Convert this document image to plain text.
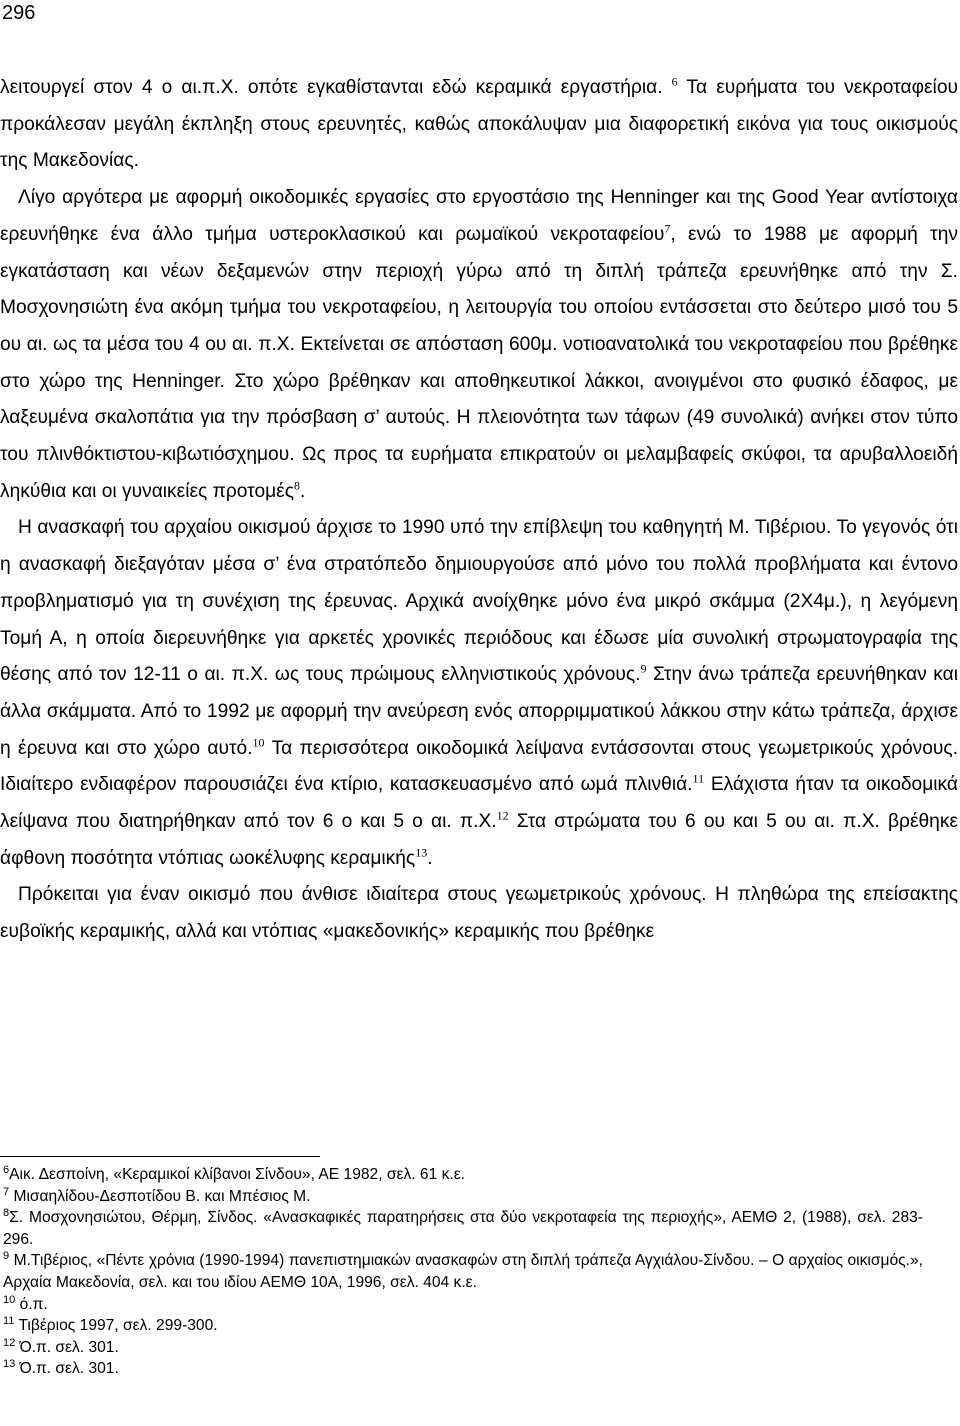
296

λειτουργεί στον 4 ο αι.π.Χ. οπότε εγκαθίστανται εδώ κεραμικά εργαστήρια. $^6$ Τα ευρήματα του νεκροταφείου προκάλεσαν μεγάλη έκπληξη στους ερευνητές, καθώς αποκάλυψαν μια διαφορετική εικόνα για τους οικισμούς της Μακεδονίας.

Λίγο αργότερα με αφορμή οικοδομικές εργασίες στο εργοστάσιο της Henninger και της Good Year αντίστοιχα ερευνήθηκε ένα άλλο τμήμα υστεροκλασικού και ρωμαϊκού νεκροταφείου$^7$, ενώ το 1988 με αφορμή την εγκατάσταση και νέων δεξαμενών στην περιοχή γύρω από τη διπλή τράπεζα ερευνήθηκε από την Σ. Μοσχονησιώτη ένα ακόμη τμήμα του νεκροταφείου, η λειτουργία του οποίου εντάσσεται στο δεύτερο μισό του 5 ου αι. ως τα μέσα του 4 ου αι. π.Χ. Εκτείνεται σε απόσταση 600μ. νοτιοανατολικά του νεκροταφείου που βρέθηκε στο χώρο της Henninger. Στο χώρο βρέθηκαν και αποθηκευτικοί λάκκοι, ανοιγμένοι στο φυσικό έδαφος, με λαξευμένα σκαλοπάτια για την πρόσβαση σ’ αυτούς. Η πλειονότητα των τάφων (49 συνολικά) ανήκει στον τύπο του πλινθόκτιστου-κιβωτιόσχημου. Ως προς τα ευρήματα επικρατούν οι μελαμβαφείς σκύφοι, τα αρυβαλλοειδή ληκύθια και οι γυναικείες προτομές$^8$.

Η ανασκαφή του αρχαίου οικισμού άρχισε το 1990 υπό την επίβλεψη του καθηγητή Μ. Τιβέριου. Το γεγονός ότι η ανασκαφή διεξαγόταν μέσα σ’ ένα στρατόπεδο δημιουργούσε από μόνο του πολλά προβλήματα και έντονο προβληματισμό για τη συνέχιση της έρευνας. Αρχικά ανοίχθηκε μόνο ένα μικρό σκάμμα (2Χ4μ.), η λεγόμενη Τομή Α, η οποία διερευνήθηκε για αρκετές χρονικές περιόδους και έδωσε μία συνολική στρωματογραφία της θέσης από τον 12-11 ο αι. π.Χ. ως τους πρώιμους ελληνιστικούς χρόνους.$^9$ Στην άνω τράπεζα ερευνήθηκαν και άλλα σκάμματα. Από το 1992 με αφορμή την ανεύρεση ενός απορριμματικού λάκκου στην κάτω τράπεζα, άρχισε η έρευνα και στο χώρο αυτό.$^{10}$ Τα περισσότερα οικοδομικά λείψανα εντάσσονται στους γεωμετρικούς χρόνους. Ιδιαίτερο ενδιαφέρον παρουσιάζει ένα κτίριο, κατασκευασμένο από ωμά πλινθιά.$^{11}$ Ελάχιστα ήταν τα οικοδομικά λείψανα που διατηρήθηκαν από τον 6 ο και 5 ο αι. π.Χ.$^{12}$ Στα στρώματα του 6 ου και 5 ου αι. π.Χ. βρέθηκε άφθονη ποσότητα ντόπιας ωοκέλυφης κεραμικής$^{13}$.

Πρόκειται για έναν οικισμό που άνθισε ιδιαίτερα στους γεωμετρικούς χρόνους. Η πληθώρα της επείσακτης ευβοϊκής κεραμικής, αλλά και ντόπιας «μακεδονικής» κεραμικής που βρέθηκε

$^6$Αικ. Δεσποίνη, «Κεραμικοί κλίβανοι Σίνδου», ΑΕ 1982, σελ. 61 κ.ε.

$^7$ Μισαηλίδου-Δεσποτίδου Β. και Μπέσιος Μ.

$^8$Σ. Μοσχονησιώτου, Θέρμη, Σίνδος. «Ανασκαφικές παρατηρήσεις στα δύο νεκροταφεία της περιοχής», ΑΕΜΘ 2, (1988), σελ. 283-296.

$^9$ Μ.Τιβέριος, «Πέντε χρόνια (1990-1994) πανεπιστημιακών ανασκαφών στη διπλή τράπεζα Αγχιάλου-Σίνδου. – Ο αρχαίος οικισμός.», Αρχαία Μακεδονία, σελ. και του ιδίου ΑΕΜΘ 10Α, 1996, σελ. 404 κ.ε.

$^{10}$ ό.π.

$^{11}$ Τιβέριος 1997, σελ. 299-300.

$^{12}$ Ό.π. σελ. 301.

$^{13}$ Ό.π. σελ. 301.
